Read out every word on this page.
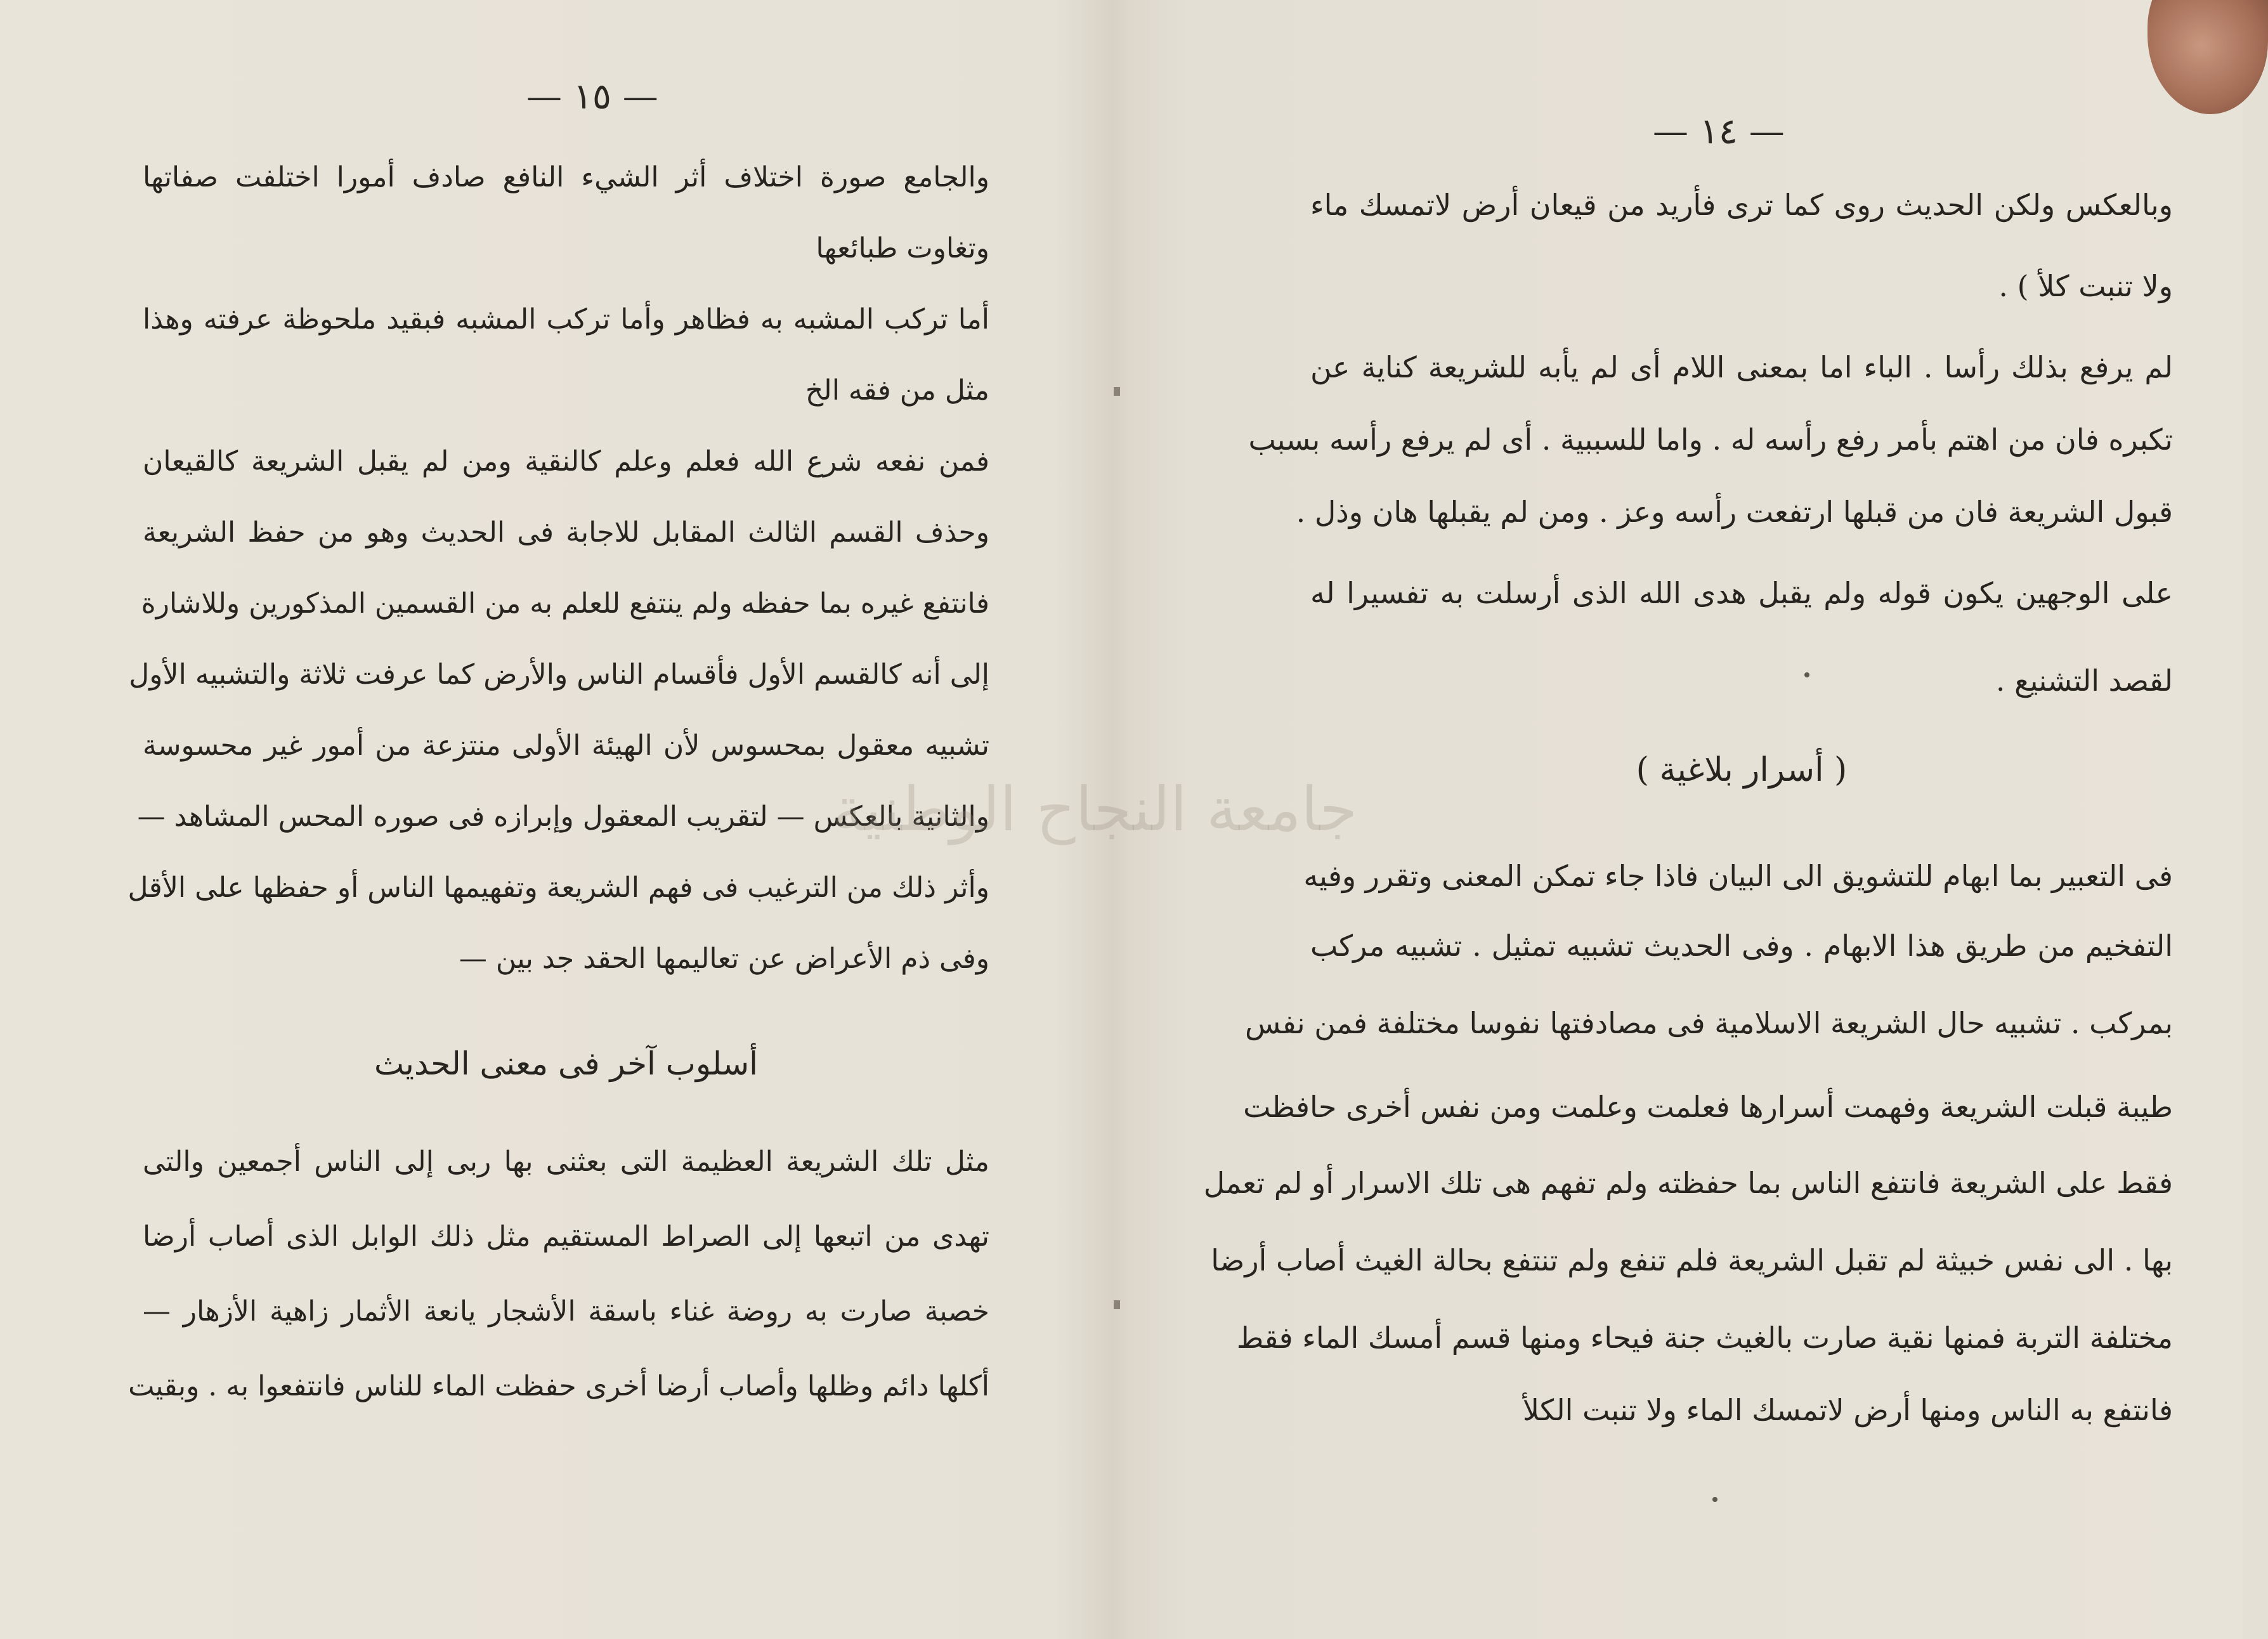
— ١٥ —
والجامع صورة اختلاف أثر الشيء النافع صادف أمورا اختلفت صفاتها
وتغاوت طبائعها
أما تركب المشبه به فظاهر وأما تركب المشبه فبقيد ملحوظة عرفته وهذا
مثل من فقه الخ
فمن نفعه شرع الله فعلم وعلم كالنقية ومن لم يقبل الشريعة كالقيعان
وحذف القسم الثالث المقابل للاجابة فى الحديث وهو من حفظ الشريعة
فانتفع غيره بما حفظه ولم ينتفع للعلم به من القسمين المذكورين وللاشارة
إلى أنه كالقسم الأول فأقسام الناس والأرض كما عرفت ثلاثة والتشبيه الأول
تشبيه معقول بمحسوس لأن الهيئة الأولى منتزعة من أمور غير محسوسة
والثانية بالعكس — لتقريب المعقول وإبرازه فى صوره المحس المشاهد —
وأثر ذلك من الترغيب فى فهم الشريعة وتفهيمها الناس أو حفظها على الأقل
وفى ذم الأعراض عن تعاليمها الحقد جد بين —
أسلوب آخر فى معنى الحديث
مثل تلك الشريعة العظيمة التى بعثنى بها ربى إلى الناس أجمعين والتى
تهدى من اتبعها إلى الصراط المستقيم مثل ذلك الوابل الذى أصاب أرضا
خصبة صارت به روضة غناء باسقة الأشجار يانعة الأثمار زاهية الأزهار —
أكلها دائم وظلها وأصاب أرضا أخرى حفظت الماء للناس فانتفعوا به . وبقيت
— ١٤ —
وبالعكس ولكن الحديث روى كما ترى فأريد من قيعان أرض لاتمسك ماء
ولا تنبت كلأ ) .
لم يرفع بذلك رأسا . الباء اما بمعنى اللام أى لم يأبه للشريعة كناية عن
تكبره فان من اهتم بأمر رفع رأسه له . واما للسببية . أى لم يرفع رأسه بسبب
قبول الشريعة فان من قبلها ارتفعت رأسه وعز . ومن لم يقبلها هان وذل .
على الوجهين يكون قوله ولم يقبل هدى الله الذى أرسلت به تفسيرا له
لقصد التشنيع .
( أسرار بلاغية )
فى التعبير بما ابهام للتشويق الى البيان فاذا جاء تمكن المعنى وتقرر وفيه
التفخيم من طريق هذا الابهام . وفى الحديث تشبيه تمثيل . تشبيه مركب
بمركب . تشبيه حال الشريعة الاسلامية فى مصادفتها نفوسا مختلفة فمن نفس
طيبة قبلت الشريعة وفهمت أسرارها فعلمت وعلمت ومن نفس أخرى حافظت
فقط على الشريعة فانتفع الناس بما حفظته ولم تفهم هى تلك الاسرار أو لم تعمل
بها . الى نفس خبيثة لم تقبل الشريعة فلم تنفع ولم تنتفع بحالة الغيث أصاب أرضا
مختلفة التربة فمنها نقية صارت بالغيث جنة فيحاء ومنها قسم أمسك الماء فقط
فانتفع به الناس ومنها أرض لاتمسك الماء ولا تنبت الكلأ
جامعة النجاح الوطنية
